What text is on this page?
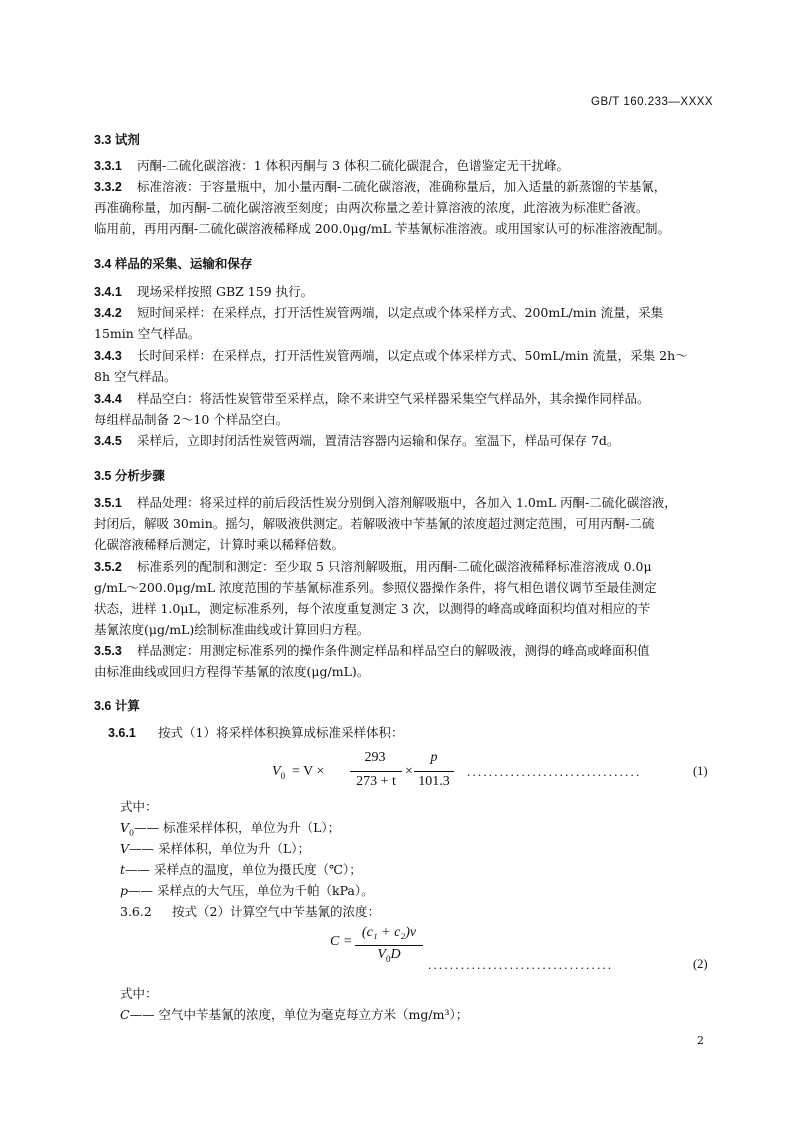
GB/T 160.233—XXXX
3.3 试剂
3.3.1 丙酮-二硫化碳溶液：1 体积丙酮与 3 体积二硫化碳混合，色谱鉴定无干扰峰。
3.3.2 标准溶液：于容量瓶中，加小量丙酮-二硫化碳溶液，准确称量后，加入适量的新蒸馏的苄基氰，
再准确称量，加丙酮-二硫化碳溶液至刻度；由两次称量之差计算溶液的浓度，此溶液为标准贮备液。
临用前，再用丙酮-二硫化碳溶液稀释成 200.0μg/mL 苄基氰标准溶液。或用国家认可的标准溶液配制。
3.4 样品的采集、运输和保存
3.4.1 现场采样按照 GBZ 159 执行。
3.4.2 短时间采样：在采样点，打开活性炭管两端，以定点或个体采样方式、200mL/min 流量，采集
15min 空气样品。
3.4.3 长时间采样：在采样点，打开活性炭管两端，以定点或个体采样方式、50mL/min 流量，采集 2h～
8h 空气样品。
3.4.4 样品空白：将活性炭管带至采样点，除不来讲空气采样器采集空气样品外，其余操作同样品。
每组样品制备 2～10 个样品空白。
3.4.5 采样后，立即封闭活性炭管两端，置清洁容器内运输和保存。室温下，样品可保存 7d。
3.5 分析步骤
3.5.1 样品处理：将采过样的前后段活性炭分别倒入溶剂解吸瓶中，各加入 1.0mL 丙酮-二硫化碳溶液，
封闭后，解吸 30min。摇匀，解吸液供测定。若解吸液中苄基氰的浓度超过测定范围，可用丙酮-二硫
化碳溶液稀释后测定，计算时乘以稀释倍数。
3.5.2 标准系列的配制和测定：至少取 5 只溶剂解吸瓶，用丙酮-二硫化碳溶液稀释标准溶液成 0.0μ
g/mL～200.0μg/mL 浓度范围的苄基氰标准系列。参照仪器操作条件，将气相色谱仪调节至最佳测定
状态，进样 1.0μL，测定标准系列，每个浓度重复测定 3 次，以测得的峰高或峰面积均值对相应的苄
基氰浓度(μg/mL)绘制标准曲线或计算回归方程。
3.5.3 样品测定：用测定标准系列的操作条件测定样品和样品空白的解吸液，测得的峰高或峰面积值
由标准曲线或回归方程得苄基氰的浓度(μg/mL)。
3.6 计算
3.6.1 按式（1）将采样体积换算成标准采样体积：
$V_0 = V$ ×
293
273 + t
×
p
101.3
................................	(1)
式中：
$V_0——$ 标准采样体积，单位为升（L）；
V—— 采样体积，单位为升（L）；
t—— 采样点的温度，单位为摄氏度（℃）；
p—— 采样点的大气压，单位为千帕（kPa）。
3.6.2 按式（2）计算空气中苄基氰的浓度：
C =
(c₁ + c₂)v
$V_0D$
..................................	(2)
式中：
C—— 空气中苄基氰的浓度，单位为毫克每立方米（mg/m³）；
2
